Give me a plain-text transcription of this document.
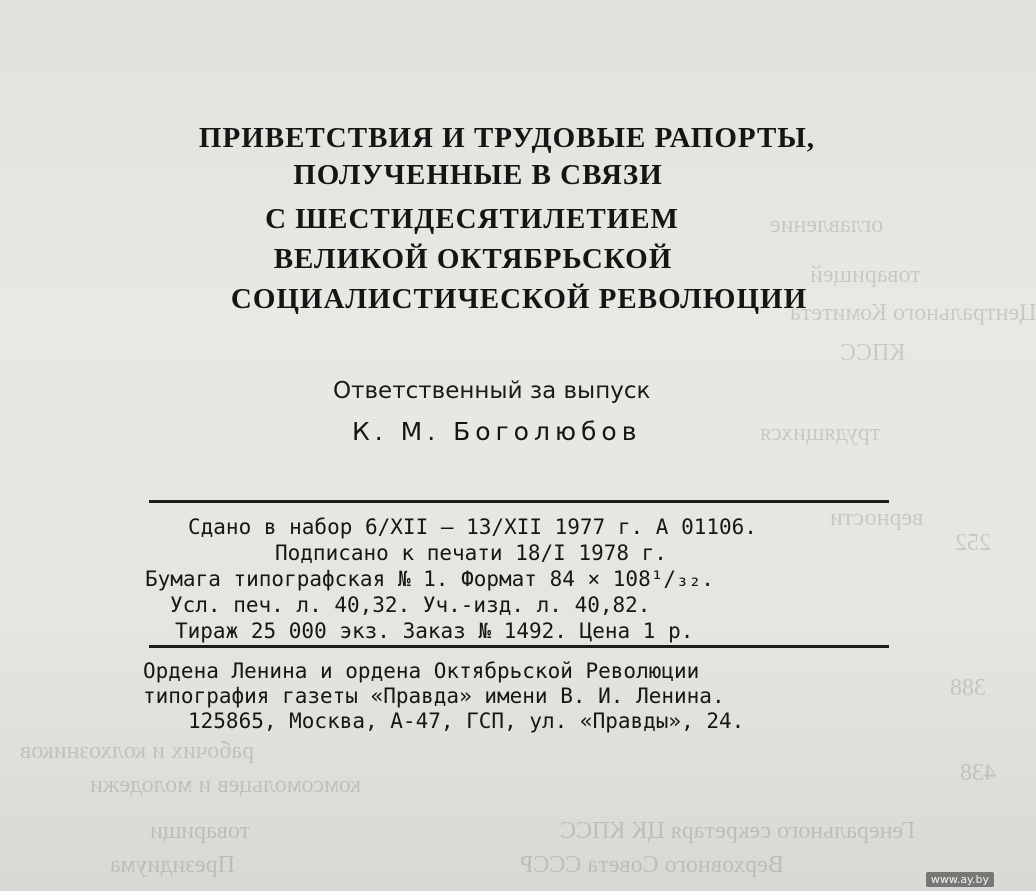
оглавление
товарищей
Центрального Комитета
КПСС
трудящихся
верности
рабочих и колхозников
комсомольцев и молодежи
товарищи	Генерального секретаря ЦК КПСС
Президиума	Верховного Совета СССР
388
438
252
ПРИВЕТСТВИЯ И ТРУДОВЫЕ РАПОРТЫ,
ПОЛУЧЕННЫЕ В СВЯЗИ
С ШЕСТИДЕСЯТИЛЕТИЕМ
ВЕЛИКОЙ ОКТЯБРЬСКОЙ
СОЦИАЛИСТИЧЕСКОЙ РЕВОЛЮЦИИ
Ответственный за выпуск
К. М. Боголюбов
Сдано в набор 6/XII — 13/XII 1977 г. А 01106.
Подписано к печати 18/I 1978 г.
Бумага типографская № 1. Формат 84 × 108¹/₃₂.
Усл. печ. л. 40,32. Уч.-изд. л. 40,82.
Тираж 25 000 экз. Заказ № 1492. Цена 1 р.
Ордена Ленина и ордена Октябрьской Революции
типография газеты «Правда» имени В. И. Ленина.
125865, Москва, А-47, ГСП, ул. «Правды», 24.
www.ay.by
